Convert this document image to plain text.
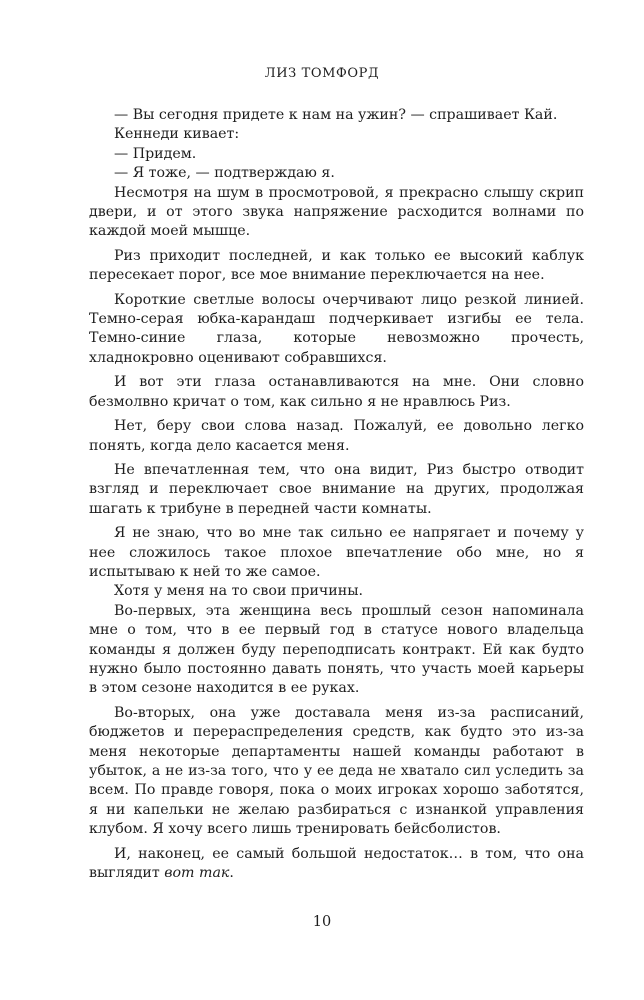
ЛИЗ ТОМФОРД

— Вы сегодня придете к нам на ужин? — спрашивает Кай.

Кеннеди кивает:

— Придем.

— Я тоже, — подтверждаю я.

Несмотря на шум в просмотровой, я прекрасно слышу скрип двери, и от этого звука напряжение расходится волнами по каждой моей мышце.

Риз приходит последней, и как только ее высокий каблук пересекает порог, все мое внимание переключается на нее.

Короткие светлые волосы очерчивают лицо резкой линией. Темно-серая юбка-карандаш подчеркивает изгибы ее тела. Темно-синие глаза, которые невозможно прочесть, хладнокровно оценивают собравшихся.

И вот эти глаза останавливаются на мне. Они словно безмолвно кричат о том, как сильно я не нравлюсь Риз.

Нет, беру свои слова назад. Пожалуй, ее довольно легко понять, когда дело касается меня.

Не впечатленная тем, что она видит, Риз быстро отводит взгляд и переключает свое внимание на других, продолжая шагать к трибуне в передней части комнаты.

Я не знаю, что во мне так сильно ее напрягает и почему у нее сложилось такое плохое впечатление обо мне, но я испытываю к ней то же самое.

Хотя у меня на то свои причины.

Во-первых, эта женщина весь прошлый сезон напоминала мне о том, что в ее первый год в статусе нового владельца команды я должен буду переподписать контракт. Ей как будто нужно было постоянно давать понять, что участь моей карьеры в этом сезоне находится в ее руках.

Во-вторых, она уже доставала меня из-за расписаний, бюджетов и перераспределения средств, как будто это из-за меня некоторые департаменты нашей команды работают в убыток, а не из-за того, что у ее деда не хватало сил уследить за всем. По правде говоря, пока о моих игроках хорошо заботятся, я ни капельки не желаю разбираться с изнанкой управления клубом. Я хочу всего лишь тренировать бейсболистов.

И, наконец, ее самый большой недостаток… в том, что она выглядит вот так.

10
